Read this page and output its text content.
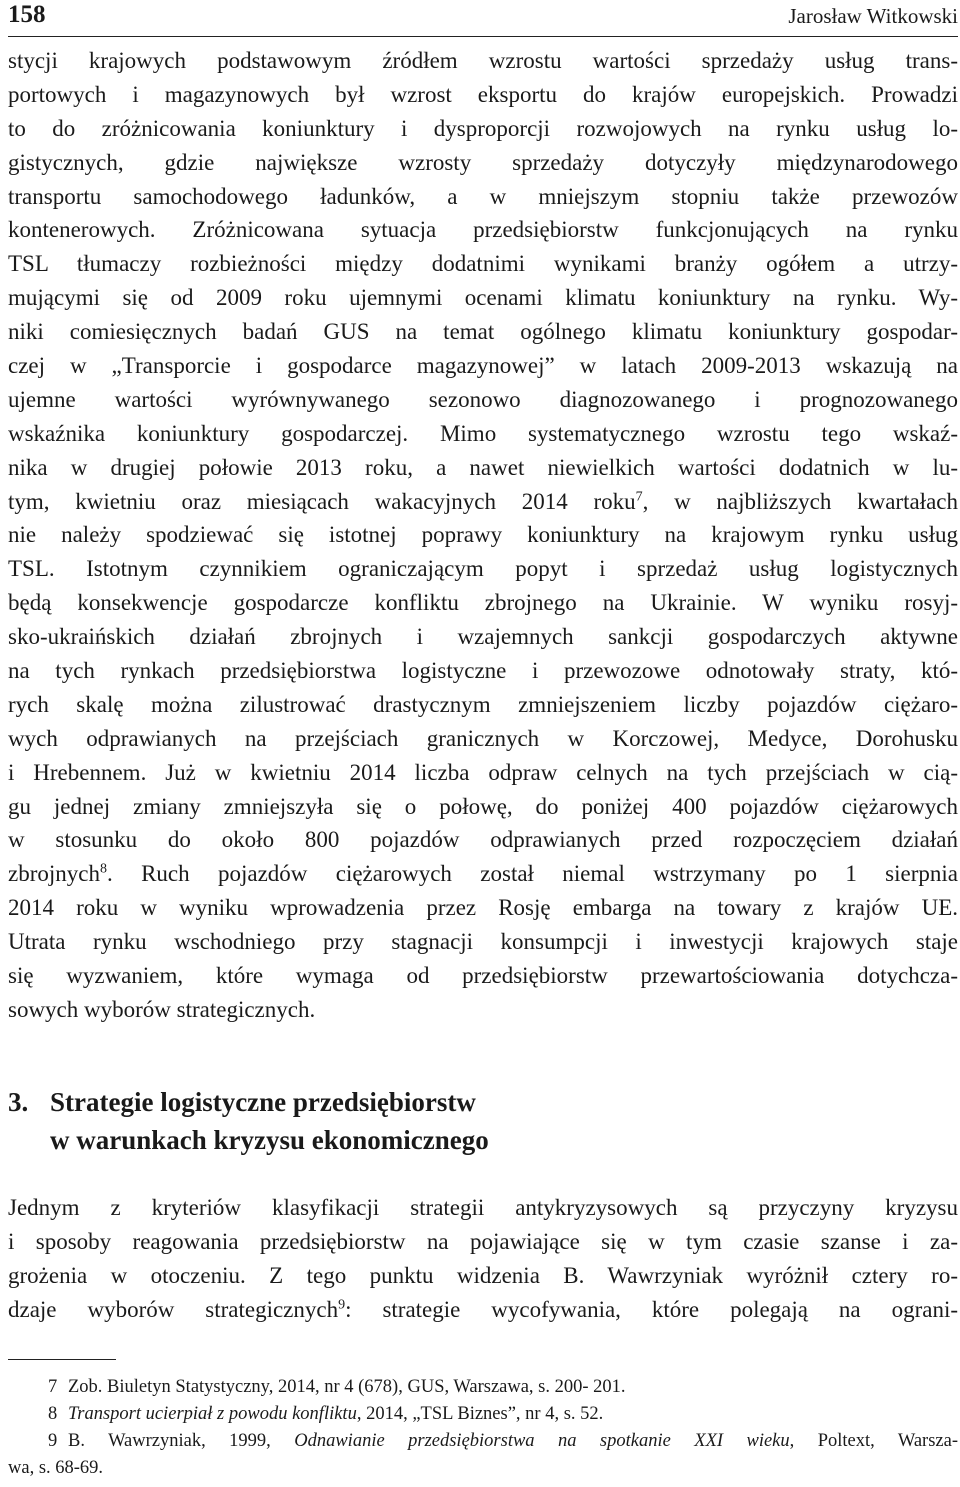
158	Jarosław Witkowski
stycji krajowych podstawowym źródłem wzrostu wartości sprzedaży usług trans-
portowych i magazynowych był wzrost eksportu do krajów europejskich. Prowadzi
to do zróżnicowania koniunktury i dysproporcji rozwojowych na rynku usług lo-
gistycznych, gdzie największe wzrosty sprzedaży dotyczyły międzynarodowego
transportu samochodowego ładunków, a w mniejszym stopniu także przewozów
kontenerowych. Zróżnicowana sytuacja przedsiębiorstw funkcjonujących na rynku
TSL tłumaczy rozbieżności między dodatnimi wynikami branży ogółem a utrzy-
mującymi się od 2009 roku ujemnymi ocenami klimatu koniunktury na rynku. Wy-
niki comiesięcznych badań GUS na temat ogólnego klimatu koniunktury gospodar-
czej w „Transporcie i gospodarce magazynowej” w latach 2009-2013 wskazują na
ujemne wartości wyrównywanego sezonowo diagnozowanego i prognozowanego
wskaźnika koniunktury gospodarczej. Mimo systematycznego wzrostu tego wskaź-
nika w drugiej połowie 2013 roku, a nawet niewielkich wartości dodatnich w lu-
tym, kwietniu oraz miesiącach wakacyjnych 2014 roku$^7$, w najbliższych kwartałach
nie należy spodziewać się istotnej poprawy koniunktury na krajowym rynku usług
TSL. Istotnym czynnikiem ograniczającym popyt i sprzedaż usług logistycznych
będą konsekwencje gospodarcze konfliktu zbrojnego na Ukrainie. W wyniku rosyj-
sko-ukraińskich działań zbrojnych i wzajemnych sankcji gospodarczych aktywne
na tych rynkach przedsiębiorstwa logistyczne i przewozowe odnotowały straty, któ-
rych skalę można zilustrować drastycznym zmniejszeniem liczby pojazdów ciężaro-
wych odprawianych na przejściach granicznych w Korczowej, Medyce, Dorohusku
i Hrebennem. Już w kwietniu 2014 liczba odpraw celnych na tych przejściach w cią-
gu jednej zmiany zmniejszyła się o połowę, do poniżej 400 pojazdów ciężarowych
w stosunku do około 800 pojazdów odprawianych przed rozpoczęciem działań
zbrojnych$^8$. Ruch pojazdów ciężarowych został niemal wstrzymany po 1 sierpnia
2014 roku w wyniku wprowadzenia przez Rosję embarga na towary z krajów UE.
Utrata rynku wschodniego przy stagnacji konsumpcji i inwestycji krajowych staje
się wyzwaniem, które wymaga od przedsiębiorstw przewartościowania dotychcza-
sowych wyborów strategicznych.
3. Strategie logistyczne przedsiębiorstw
w warunkach kryzysu ekonomicznego
Jednym z kryteriów klasyfikacji strategii antykryzysowych są przyczyny kryzysu
i sposoby reagowania przedsiębiorstw na pojawiające się w tym czasie szanse i za-
grożenia w otoczeniu. Z tego punktu widzenia B. Wawrzyniak wyróżnił cztery ro-
dzaje wyborów strategicznych$^9$: strategie wycofywania, które polegają na ograni-
7 Zob. Biuletyn Statystyczny, 2014, nr 4 (678), GUS, Warszawa, s. 200- 201.
8 Transport ucierpiał z powodu konfliktu, 2014, „TSL Biznes”, nr 4, s. 52.
9 B. Wawrzyniak, 1999, Odnawianie przedsiębiorstwa na spotkanie XXI wieku, Poltext, Warsza-
wa, s. 68-69.
